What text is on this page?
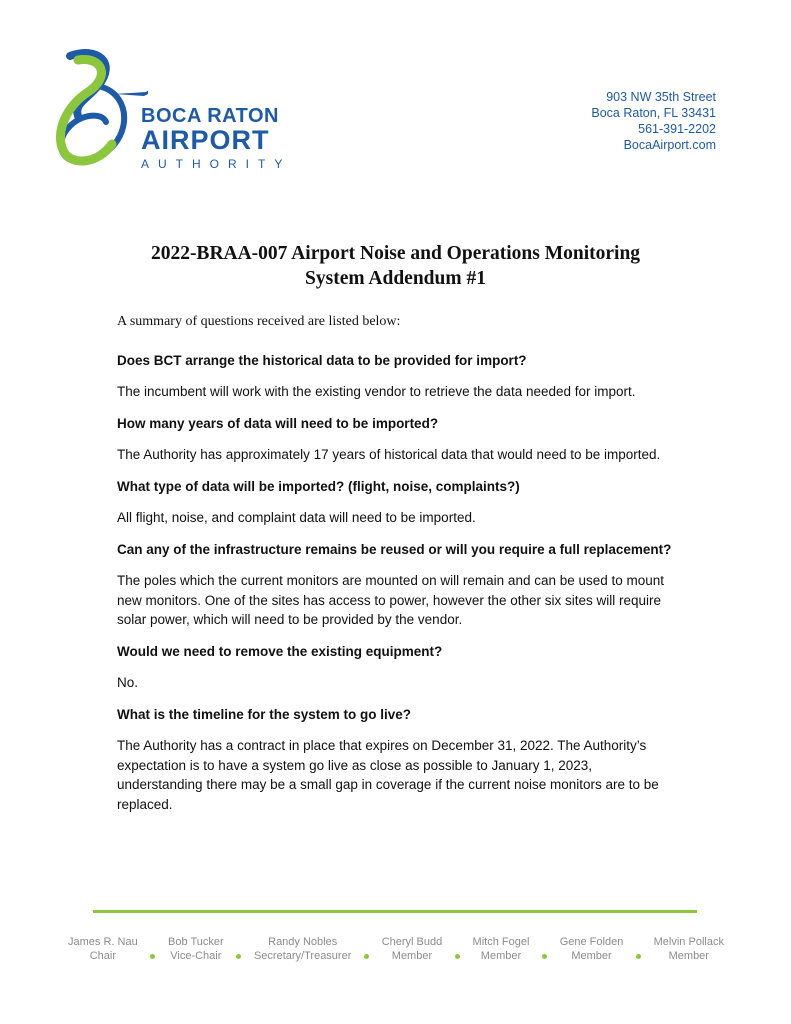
BOCA RATON
AIRPORT
AUTHORITY
903 NW 35th Street
Boca Raton, FL 33431
561-391-2202
BocaAirport.com
2022-BRAA-007 Airport Noise and Operations Monitoring
System Addendum #1

A summary of questions received are listed below:

Does BCT arrange the historical data to be provided for import?

The incumbent will work with the existing vendor to retrieve the data needed for import.

How many years of data will need to be imported?

The Authority has approximately 17 years of historical data that would need to be imported.

What type of data will be imported? (flight, noise, complaints?)

All flight, noise, and complaint data will need to be imported.

Can any of the infrastructure remains be reused or will you require a full replacement?

The poles which the current monitors are mounted on will remain and can be used to mount new monitors. One of the sites has access to power, however the other six sites will require solar power, which will need to be provided by the vendor.

Would we need to remove the existing equipment?

No.

What is the timeline for the system to go live?

The Authority has a contract in place that expires on December 31, 2022. The Authority’s expectation is to have a system go live as close as possible to January 1, 2023, understanding there may be a small gap in coverage if the current noise monitors are to be replaced.

James R. Nau
Chair
Bob Tucker
Vice-Chair
Randy Nobles
Secretary/Treasurer
Cheryl Budd
Member
Mitch Fogel
Member
Gene Folden
Member
Melvin Pollack
Member
